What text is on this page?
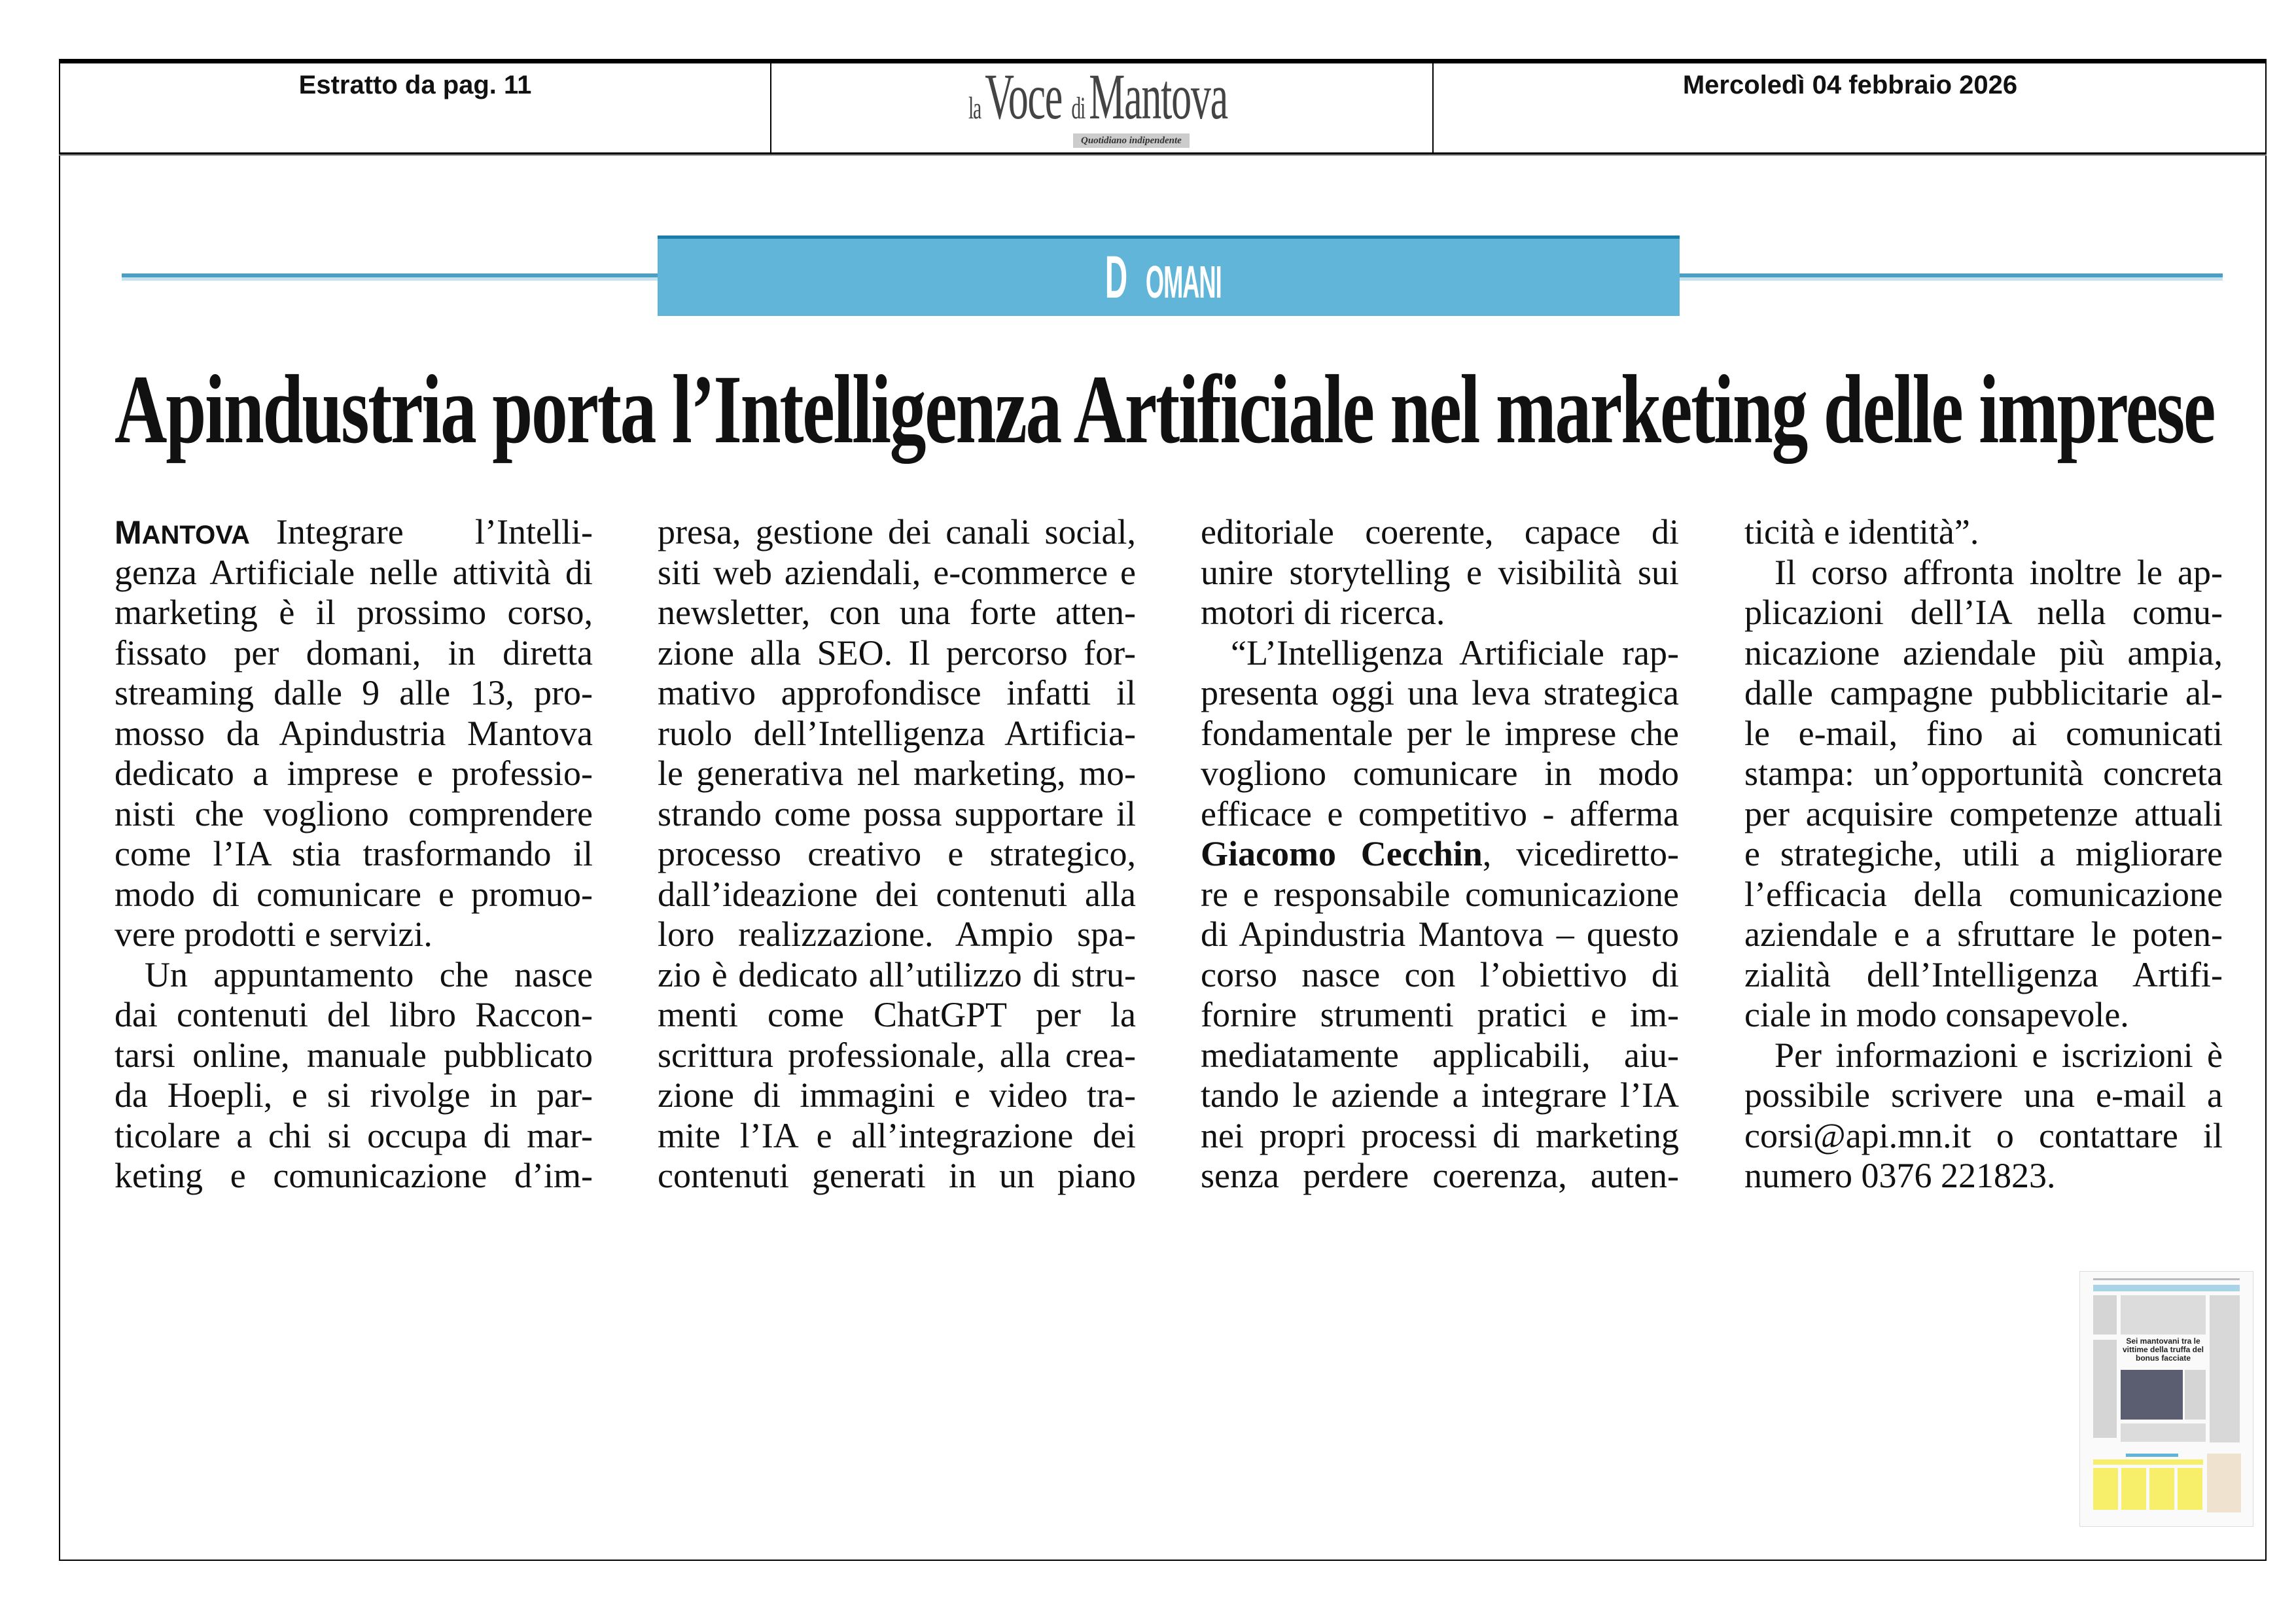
Estratto da pag. 11
la Voce di Mantova
Quotidiano indipendente
Mercoledì 04 febbraio 2026
D OMANI
Apindustria porta l’Intelligenza Artificiale nel marketing delle imprese
MANTOVA Integrare l’Intelli-
genza Artificiale nelle attività di
marketing è il prossimo corso,
fissato per domani, in diretta
streaming dalle 9 alle 13, pro-
mosso da Apindustria Mantova
dedicato a imprese e professio-
nisti che vogliono comprendere
come l’IA stia trasformando il
modo di comunicare e promuo-
vere prodotti e servizi.
Un appuntamento che nasce
dai contenuti del libro Raccon-
tarsi online, manuale pubblicato
da Hoepli, e si rivolge in par-
ticolare a chi si occupa di mar-
keting e comunicazione d’im-
presa, gestione dei canali social,
siti web aziendali, e-commerce e
newsletter, con una forte atten-
zione alla SEO. Il percorso for-
mativo approfondisce infatti il
ruolo dell’Intelligenza Artificia-
le generativa nel marketing, mo-
strando come possa supportare il
processo creativo e strategico,
dall’ideazione dei contenuti alla
loro realizzazione. Ampio spa-
zio è dedicato all’utilizzo di stru-
menti come ChatGPT per la
scrittura professionale, alla crea-
zione di immagini e video tra-
mite l’IA e all’integrazione dei
contenuti generati in un piano
editoriale coerente, capace di
unire storytelling e visibilità sui
motori di ricerca.
“L’Intelligenza Artificiale rap-
presenta oggi una leva strategica
fondamentale per le imprese che
vogliono comunicare in modo
efficace e competitivo - afferma
Giacomo Cecchin, vicediretto-
re e responsabile comunicazione
di Apindustria Mantova – questo
corso nasce con l’obiettivo di
fornire strumenti pratici e im-
mediatamente applicabili, aiu-
tando le aziende a integrare l’IA
nei propri processi di marketing
senza perdere coerenza, auten-
ticità e identità”.
Il corso affronta inoltre le ap-
plicazioni dell’IA nella comu-
nicazione aziendale più ampia,
dalle campagne pubblicitarie al-
le e-mail, fino ai comunicati
stampa: un’opportunità concreta
per acquisire competenze attuali
e strategiche, utili a migliorare
l’efficacia della comunicazione
aziendale e a sfruttare le poten-
zialità dell’Intelligenza Artifi-
ciale in modo consapevole.
Per informazioni e iscrizioni è
possibile scrivere una e-mail a
corsi@api.mn.it o contattare il
numero 0376 221823.
Sei mantovani tra le vittime della truffa del bonus facciate
